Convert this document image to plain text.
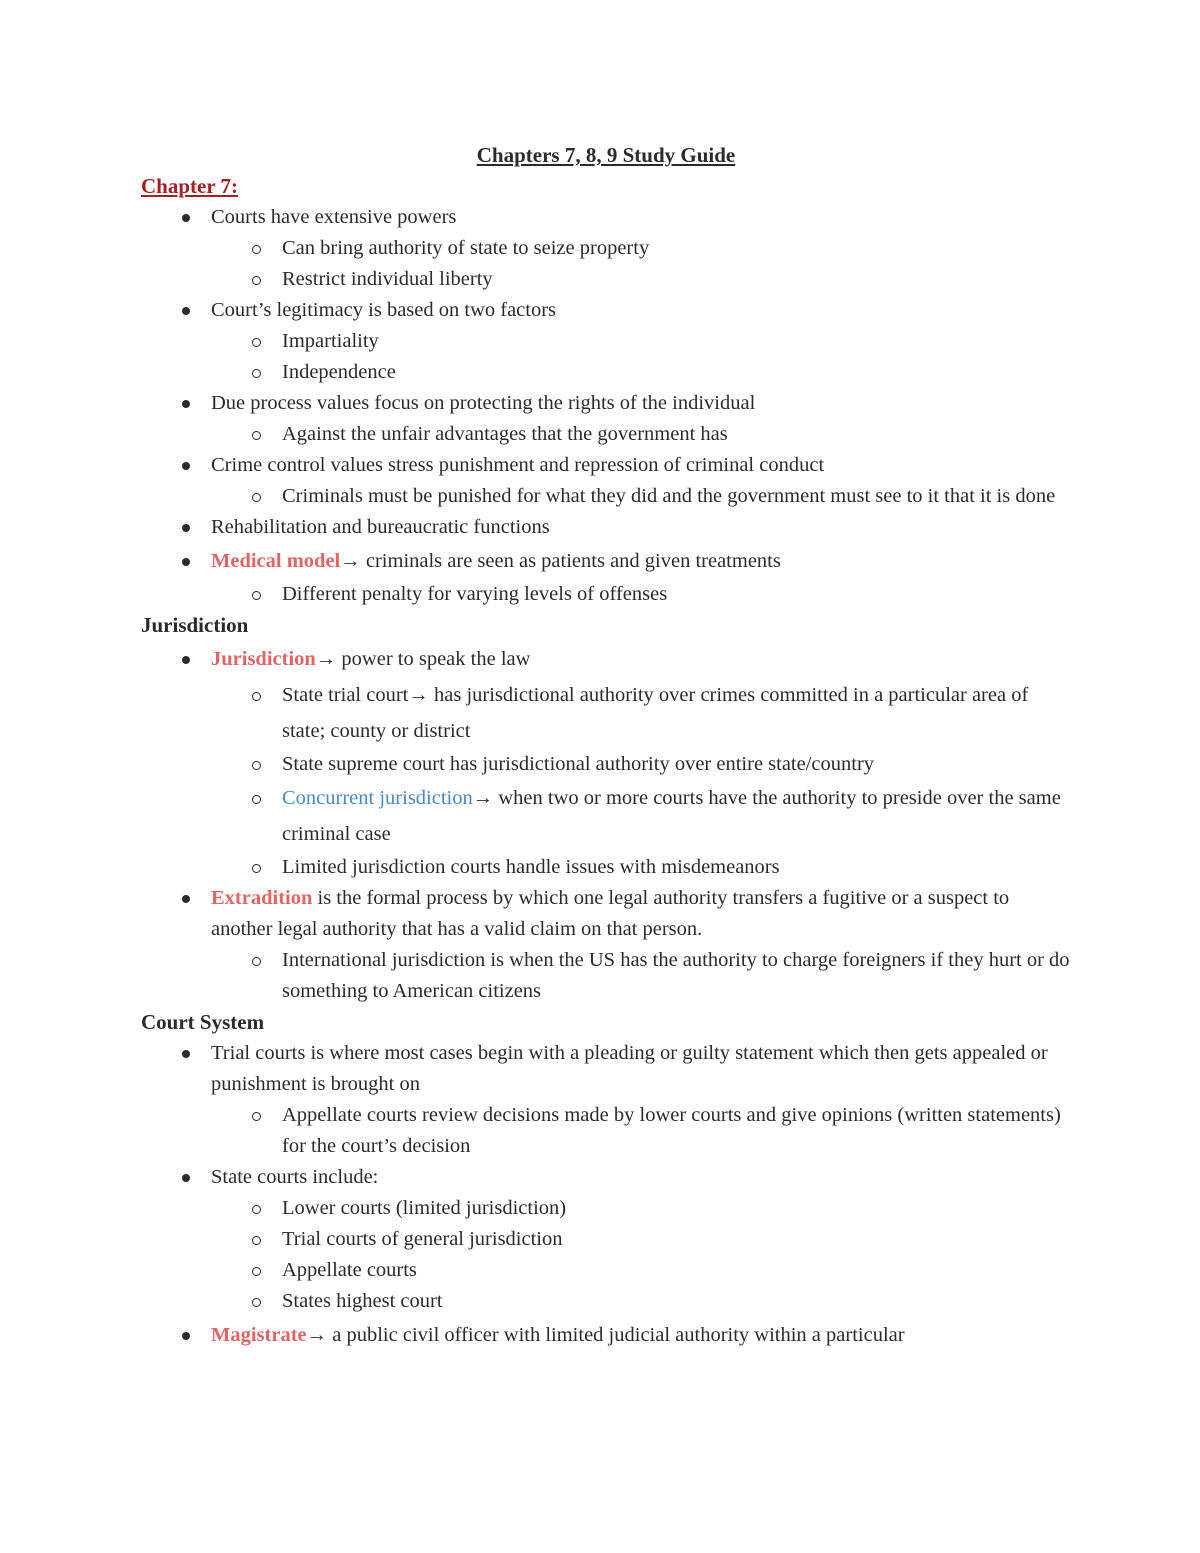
Chapters 7, 8, 9 Study Guide
Chapter 7:
Courts have extensive powers
Can bring authority of state to seize property
Restrict individual liberty
Court’s legitimacy is based on two factors
Impartiality
Independence
Due process values focus on protecting the rights of the individual
Against the unfair advantages that the government has
Crime control values stress punishment and repression of criminal conduct
Criminals must be punished for what they did and the government must see to it that it is done
Rehabilitation and bureaucratic functions
Medical model→ criminals are seen as patients and given treatments
Different penalty for varying levels of offenses
Jurisdiction
Jurisdiction→ power to speak the law
State trial court→ has jurisdictional authority over crimes committed in a particular area of state; county or district
State supreme court has jurisdictional authority over entire state/country
Concurrent jurisdiction→ when two or more courts have the authority to preside over the same criminal case
Limited jurisdiction courts handle issues with misdemeanors
Extradition is the formal process by which one legal authority transfers a fugitive or a suspect to another legal authority that has a valid claim on that person.
International jurisdiction is when the US has the authority to charge foreigners if they hurt or do something to American citizens
Court System
Trial courts is where most cases begin with a pleading or guilty statement which then gets appealed or punishment is brought on
Appellate courts review decisions made by lower courts and give opinions (written statements) for the court’s decision
State courts include:
Lower courts (limited jurisdiction)
Trial courts of general jurisdiction
Appellate courts
States highest court
Magistrate→ a public civil officer with limited judicial authority within a particular
